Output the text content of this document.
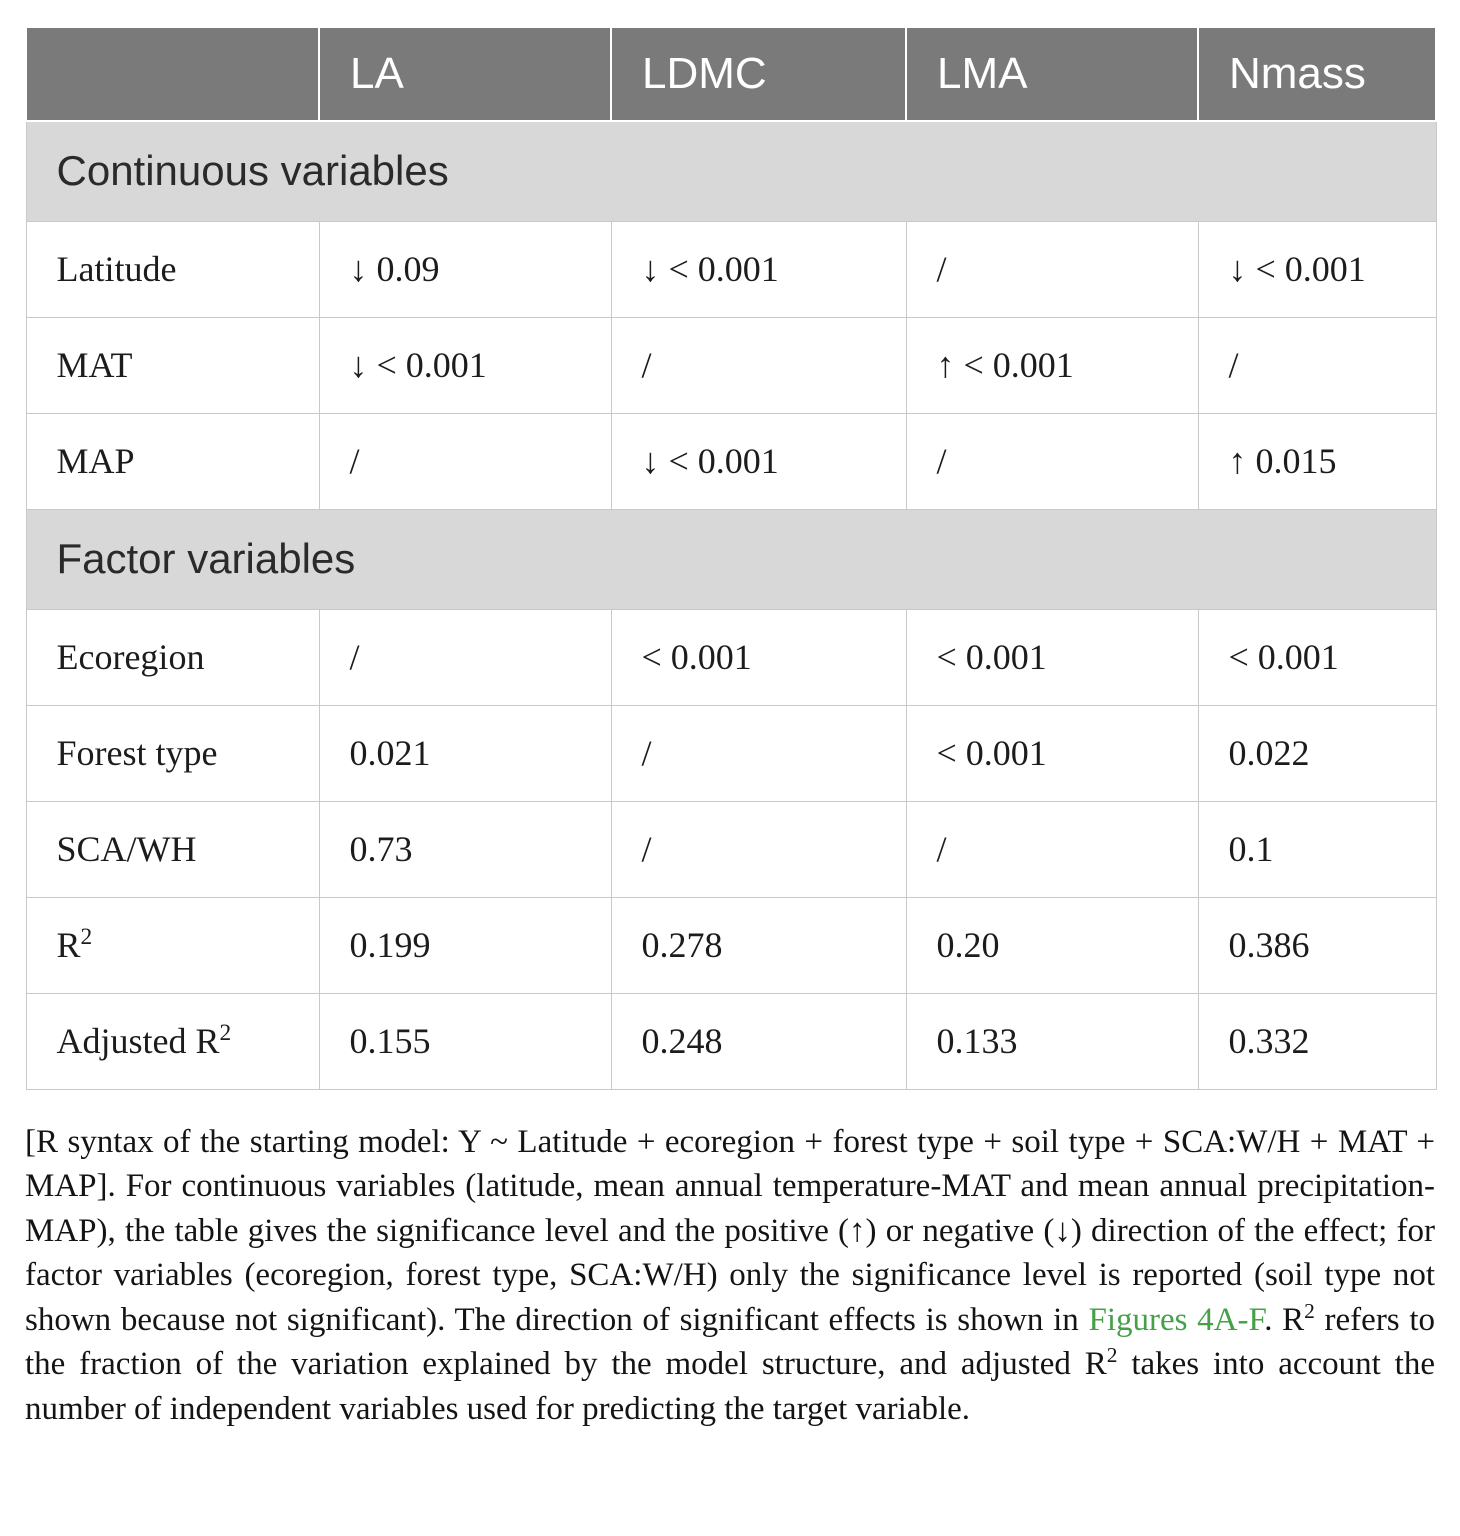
	LA	LDMC	LMA	Nmass
Continuous variables				
Latitude	↓ 0.09	↓ < 0.001	/	↓ < 0.001
MAT	↓ < 0.001	/	↑ < 0.001	/
MAP	/	↓ < 0.001	/	↑ 0.015
Factor variables				
Ecoregion	/	< 0.001	< 0.001	< 0.001
Forest type	0.021	/	< 0.001	0.022
SCA/WH	0.73	/	/	0.1
$R^2$	0.199	0.278	0.20	0.386
Adjusted $R^2$	0.155	0.248	0.133	0.332
[R syntax of the starting model: Y ~ Latitude + ecoregion + forest type + soil type + SCA:W/H + MAT + MAP]. For continuous variables (latitude, mean annual temperature-MAT and mean annual precipitation-MAP), the table gives the significance level and the positive (↑) or negative (↓) direction of the effect; for factor variables (ecoregion, forest type, SCA:W/H) only the significance level is reported (soil type not shown because not significant). The direction of significant effects is shown in Figures 4A-F. $R^2$ refers to the fraction of the variation explained by the model structure, and adjusted $R^2$ takes into account the number of independent variables used for predicting the target variable.
